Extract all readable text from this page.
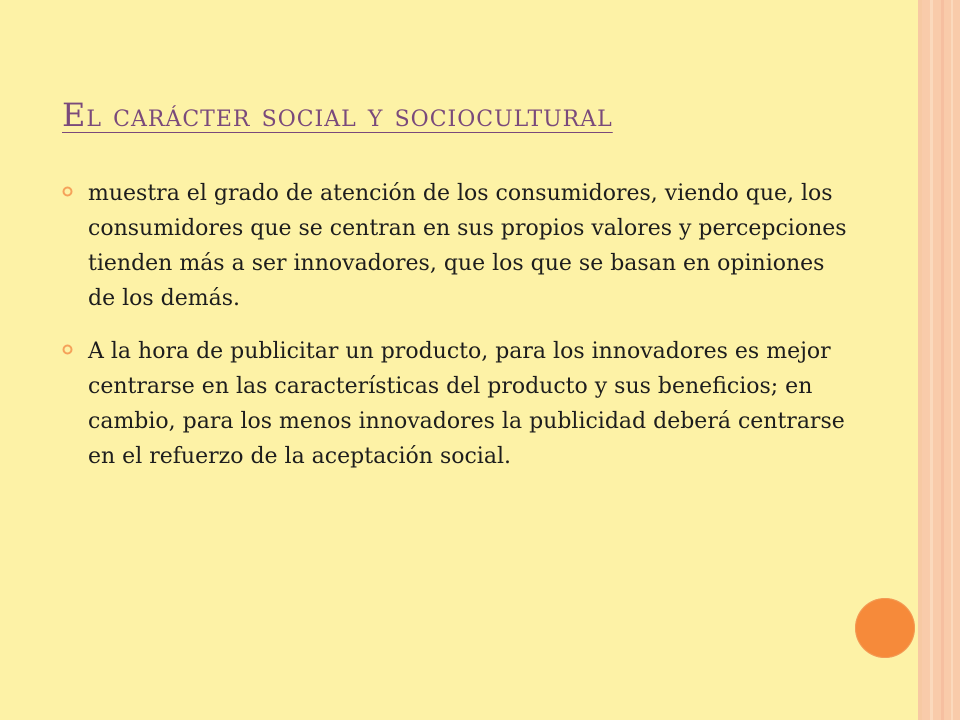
El carácter social y sociocultural
muestra el grado de atención de los consumidores, viendo que, los consumidores que se centran en sus propios valores y percepciones tienden más a ser innovadores, que los que se basan en opiniones de los demás.
A la hora de publicitar un producto, para los innovadores es mejor centrarse en las características del producto y sus beneficios; en cambio, para los menos innovadores la publicidad deberá centrarse en el refuerzo de la aceptación social.
